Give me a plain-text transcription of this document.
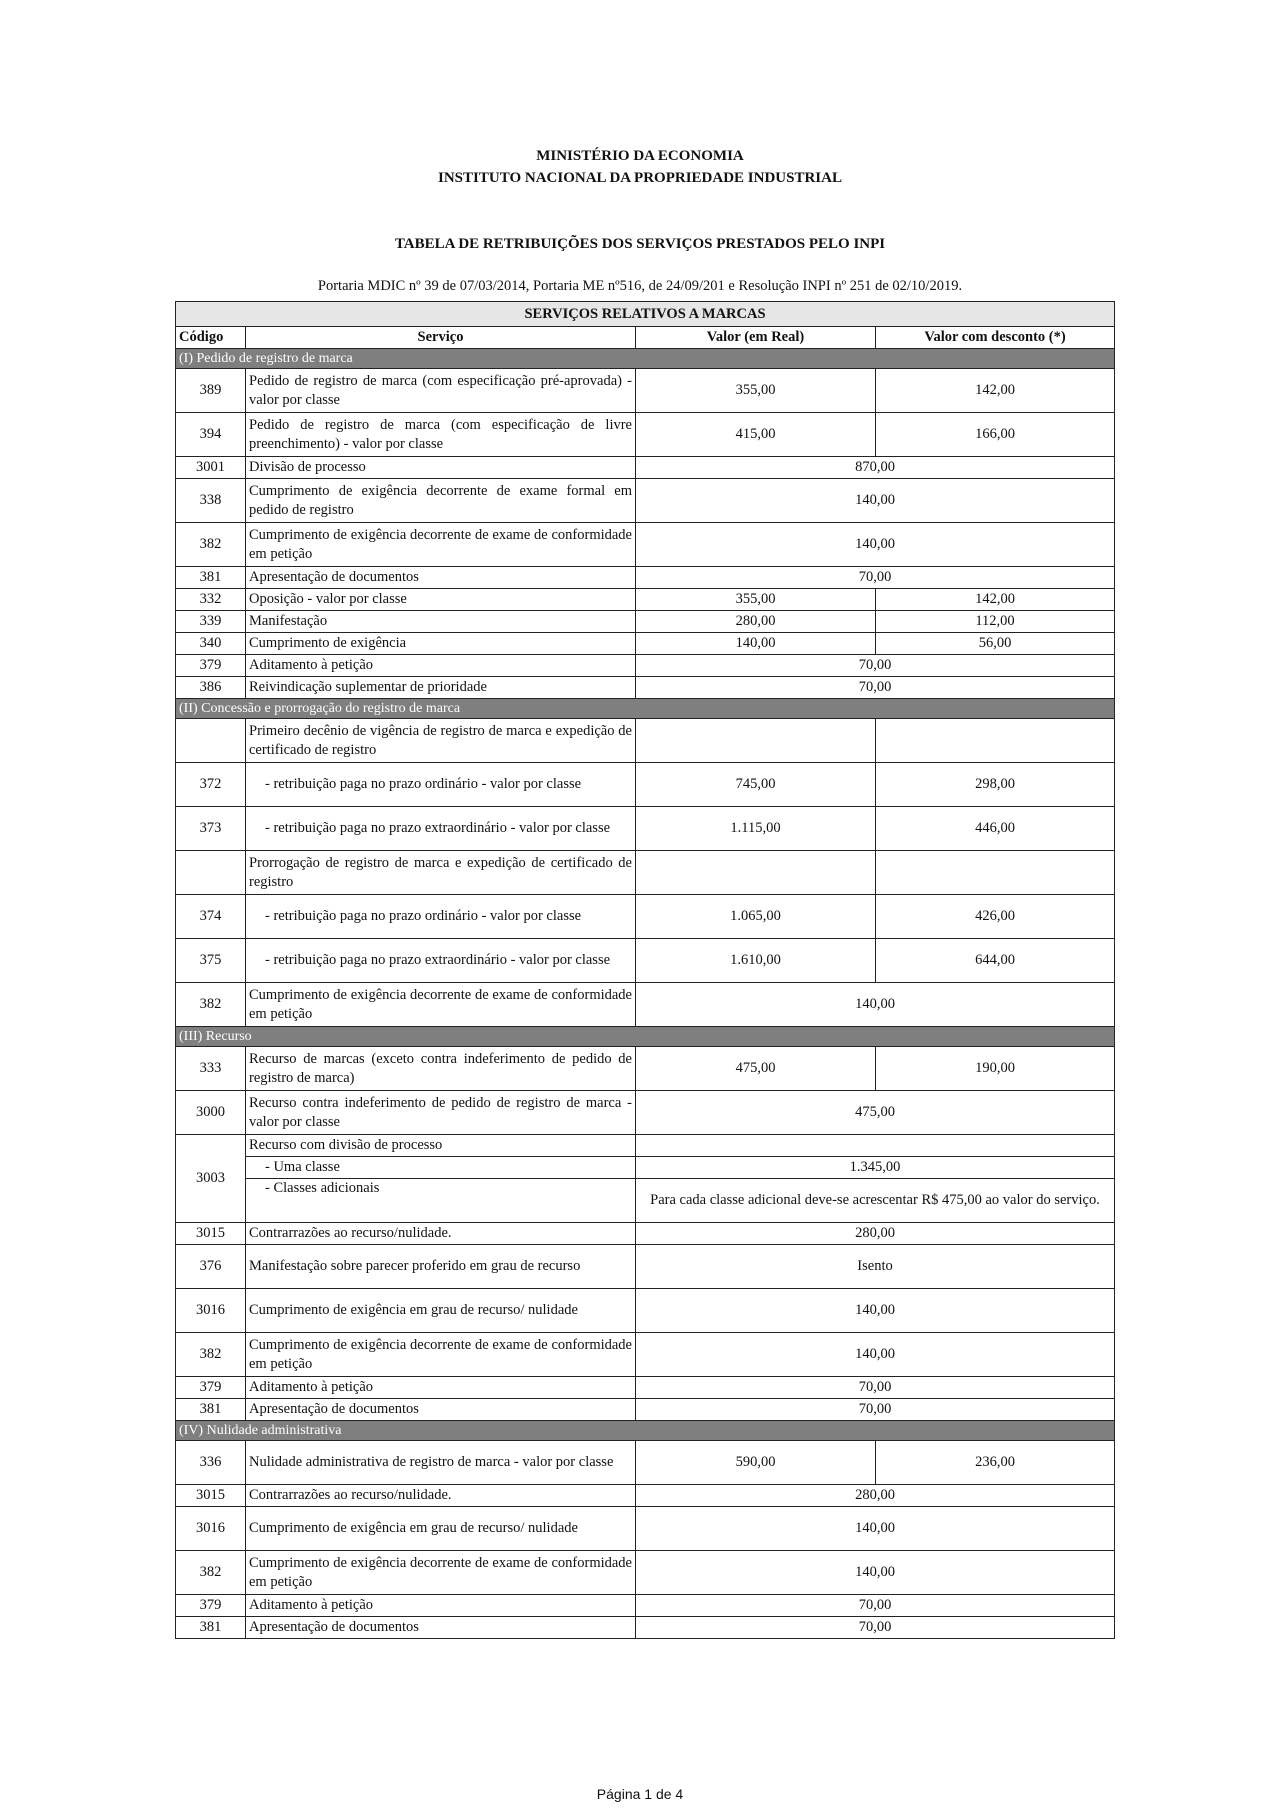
MINISTÉRIO DA ECONOMIA
INSTITUTO NACIONAL DA PROPRIEDADE INDUSTRIAL
TABELA DE RETRIBUIÇÕES DOS SERVIÇOS PRESTADOS PELO INPI
Portaria MDIC nº 39 de 07/03/2014, Portaria ME nº516, de 24/09/201 e Resolução INPI nº 251 de 02/10/2019.
SERVIÇOS RELATIVOS A MARCAS			
Código	Serviço	Valor (em Real)	Valor com desconto (*)
(I) Pedido de registro de marca			
389	Pedido de registro de marca (com especificação pré-aprovada) - valor por classe	355,00	142,00
394	Pedido de registro de marca (com especificação de livre preenchimento) - valor por classe	415,00	166,00
3001	Divisão de processo	870,00	
338	Cumprimento de exigência decorrente de exame formal em pedido de registro	140,00	
382	Cumprimento de exigência decorrente de exame de conformidade em petição	140,00	
381	Apresentação de documentos	70,00	
332	Oposição - valor por classe	355,00	142,00
339	Manifestação	280,00	112,00
340	Cumprimento de exigência	140,00	56,00
379	Aditamento à petição	70,00	
386	Reivindicação suplementar de prioridade	70,00	
(II) Concessão e prorrogação do registro de marca			
	Primeiro decênio de vigência de registro de marca e expedição de certificado de registro		
372	- retribuição paga no prazo ordinário - valor por classe	745,00	298,00
373	- retribuição paga no prazo extraordinário - valor por classe	1.115,00	446,00
	Prorrogação de registro de marca e expedição de certificado de registro		
374	- retribuição paga no prazo ordinário - valor por classe	1.065,00	426,00
375	- retribuição paga no prazo extraordinário - valor por classe	1.610,00	644,00
382	Cumprimento de exigência decorrente de exame de conformidade em petição	140,00	
(III) Recurso			
333	Recurso de marcas (exceto contra indeferimento de pedido de registro de marca)	475,00	190,00
3000	Recurso contra indeferimento de pedido de registro de marca - valor por classe	475,00	
3003	Recurso com divisão de processo		
	- Uma classe	1.345,00	
	- Classes adicionais	Para cada classe adicional deve-se acrescentar R$ 475,00 ao valor do serviço.	
3015	Contrarrazões ao recurso/nulidade.	280,00	
376	Manifestação sobre parecer proferido em grau de recurso	Isento	
3016	Cumprimento de exigência em grau de recurso/ nulidade	140,00	
382	Cumprimento de exigência decorrente de exame de conformidade em petição	140,00	
379	Aditamento à petição	70,00	
381	Apresentação de documentos	70,00	
(IV) Nulidade administrativa			
336	Nulidade administrativa de registro de marca - valor por classe	590,00	236,00
3015	Contrarrazões ao recurso/nulidade.	280,00	
3016	Cumprimento de exigência em grau de recurso/ nulidade	140,00	
382	Cumprimento de exigência decorrente de exame de conformidade em petição	140,00	
379	Aditamento à petição	70,00	
381	Apresentação de documentos	70,00	
Página 1 de 4
